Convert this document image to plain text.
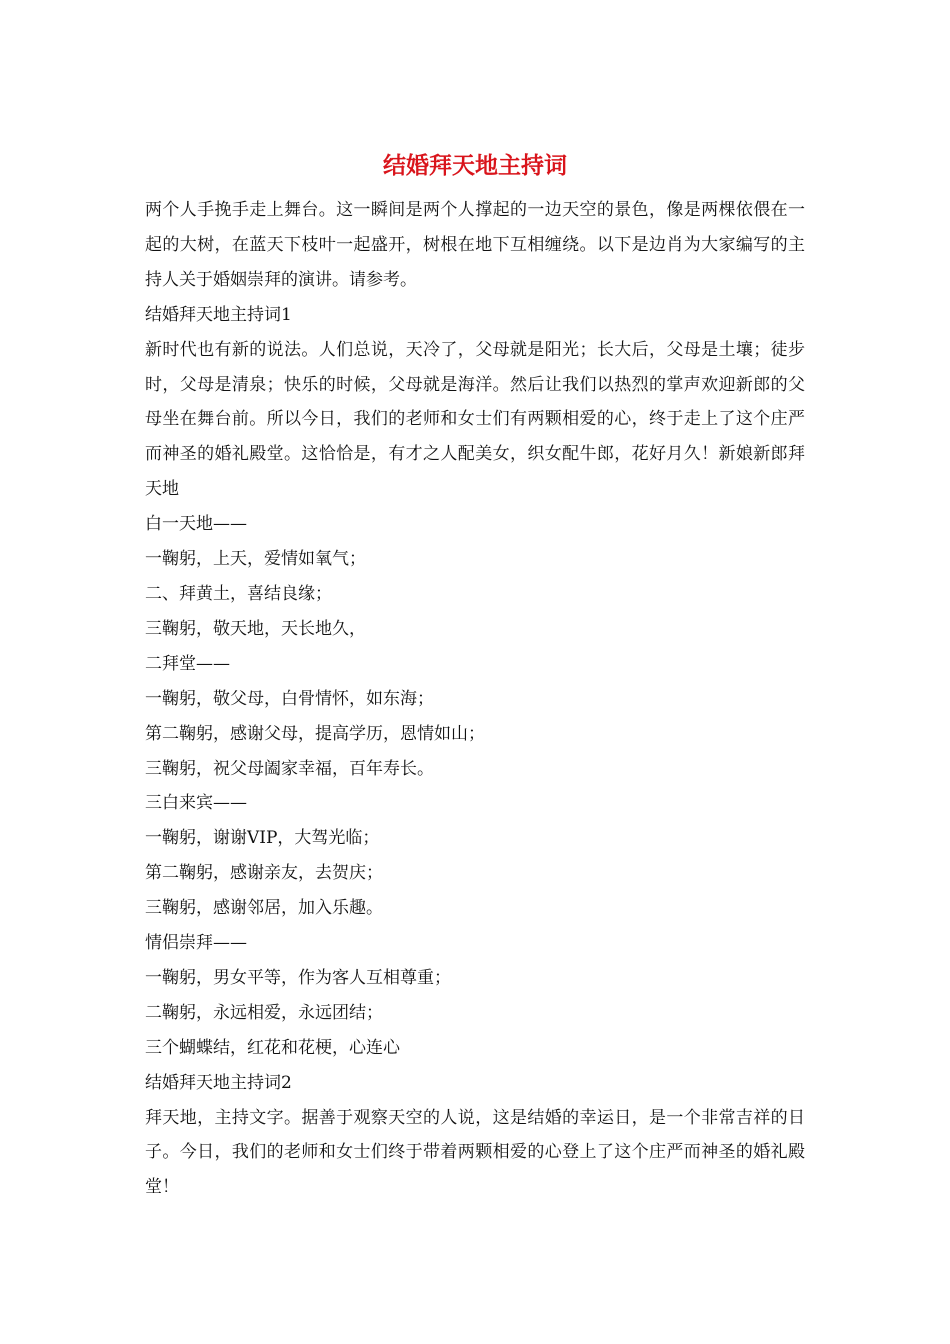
结婚拜天地主持词

两个人手挽手走上舞台。这一瞬间是两个人撑起的一边天空的景色，像是两棵依偎在一起的大树，在蓝天下枝叶一起盛开，树根在地下互相缠绕。以下是边肖为大家编写的主持人关于婚姻崇拜的演讲。请参考。

结婚拜天地主持词1

新时代也有新的说法。人们总说，天冷了，父母就是阳光；长大后，父母是土壤；徒步时，父母是清泉；快乐的时候，父母就是海洋。然后让我们以热烈的掌声欢迎新郎的父母坐在舞台前。所以今日，我们的老师和女士们有两颗相爱的心，终于走上了这个庄严而神圣的婚礼殿堂。这恰恰是，有才之人配美女，织女配牛郎，花好月久！新娘新郎拜天地

白一天地——

一鞠躬，上天，爱情如氧气；

二、拜黄土，喜结良缘；

三鞠躬，敬天地，天长地久，

二拜堂——

一鞠躬，敬父母，白骨情怀，如东海；

第二鞠躬，感谢父母，提高学历，恩情如山；

三鞠躬，祝父母阖家幸福，百年寿长。

三白来宾——

一鞠躬，谢谢VIP，大驾光临；

第二鞠躬，感谢亲友，去贺庆；

三鞠躬，感谢邻居，加入乐趣。

情侣崇拜——

一鞠躬，男女平等，作为客人互相尊重；

二鞠躬，永远相爱，永远团结；

三个蝴蝶结，红花和花梗，心连心

结婚拜天地主持词2

拜天地，主持文字。据善于观察天空的人说，这是结婚的幸运日，是一个非常吉祥的日子。今日，我们的老师和女士们终于带着两颗相爱的心登上了这个庄严而神圣的婚礼殿堂！
